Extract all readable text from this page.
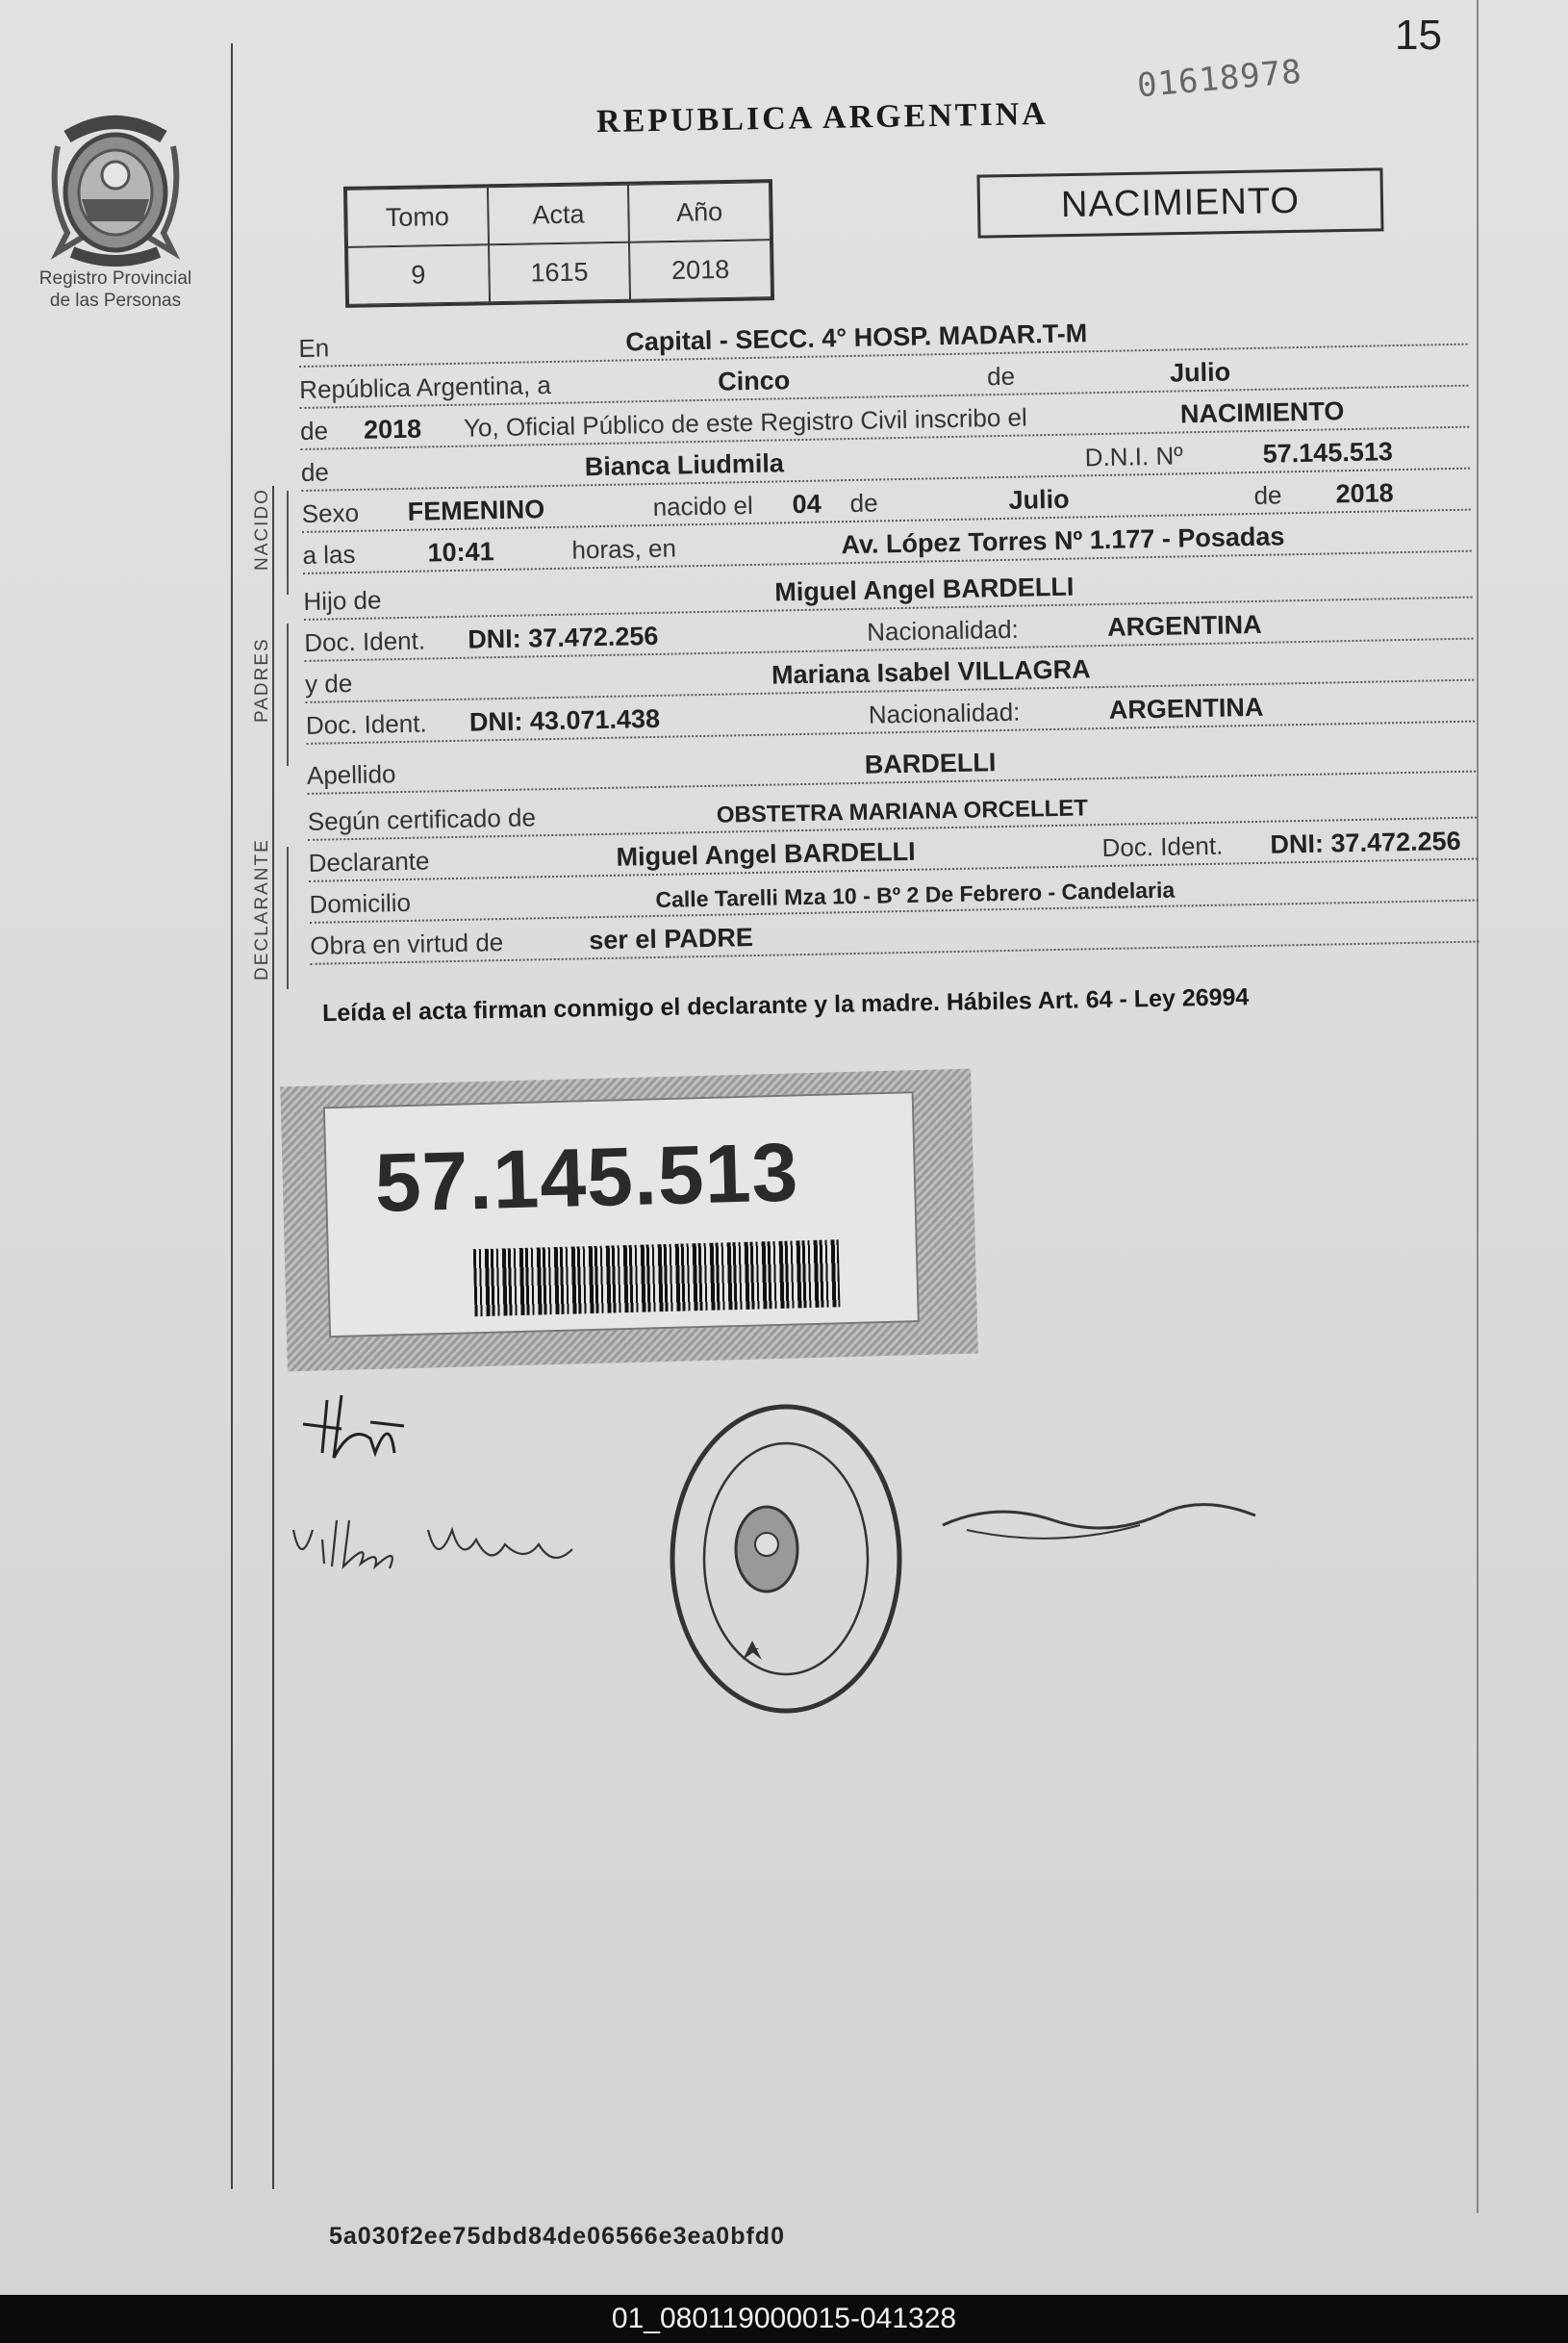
15
01618978
REPUBLICA ARGENTINA
Registro Provincial
de las Personas
Tomo	Acta	Año
9	1615	2018
NACIMIENTO
En	Capital - SECC. 4° HOSP. MADAR.T-M
República Argentina, a	Cinco	de	Julio
de 2018 Yo, Oficial Público de este Registro Civil inscribo el	NACIMIENTO
de	Bianca Liudmila	D.N.I. Nº	57.145.513
Sexo FEMENINO	nacido el 04 de	Julio	de 2018
a las	10:41	horas, en	Av. López Torres Nº 1.177 - Posadas
Hijo de	Miguel Angel BARDELLI
Doc. Ident. DNI: 37.472.256	Nacionalidad:	ARGENTINA
y de	Mariana Isabel VILLAGRA
Doc. Ident. DNI: 43.071.438	Nacionalidad:	ARGENTINA
Apellido	BARDELLI
Según certificado de	OBSTETRA MARIANA ORCELLET
Declarante	Miguel Angel BARDELLI	Doc. Ident. DNI: 37.472.256
Domicilio	Calle Tarelli Mza 10 - Bº 2 De Febrero - Candelaria
Obra en virtud de	ser el PADRE
NACIDO
PADRES
DECLARANTE
Leída el acta firman conmigo el declarante y la madre. Hábiles Art. 64 - Ley 26994
57.145.513
5a030f2ee75dbd84de06566e3ea0bfd0
01_080119000015-041328
